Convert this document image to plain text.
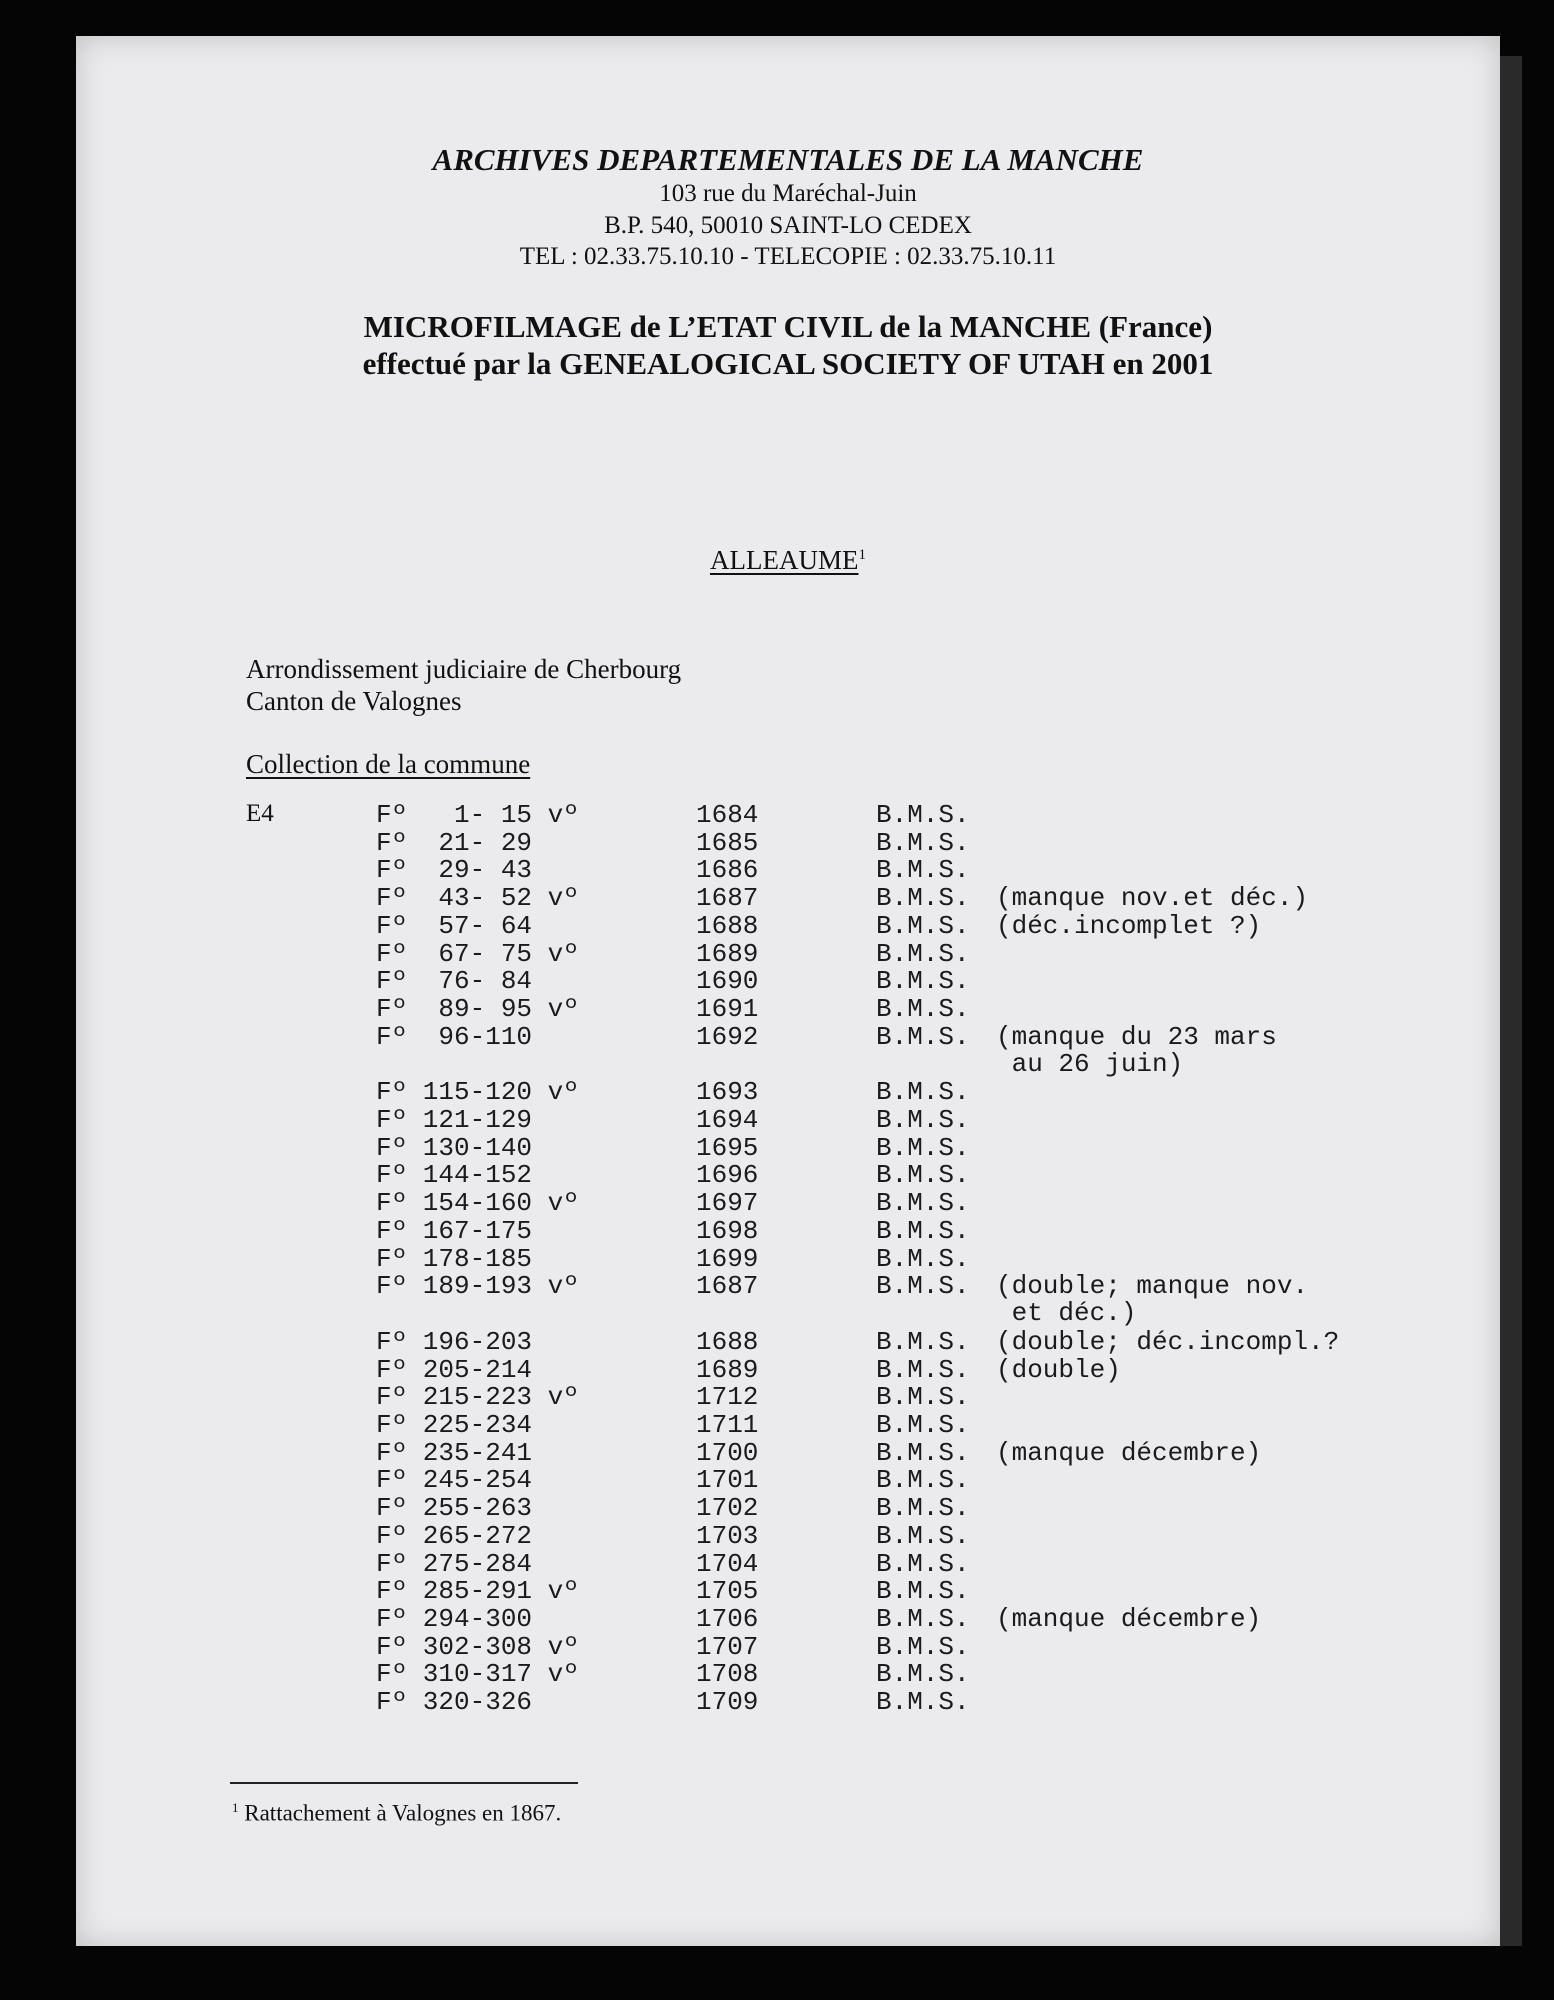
ARCHIVES DEPARTEMENTALES DE LA MANCHE
103 rue du Maréchal-Juin
B.P. 540, 50010 SAINT-LO CEDEX
TEL : 02.33.75.10.10 - TELECOPIE : 02.33.75.10.11
MICROFILMAGE de L’ETAT CIVIL de la MANCHE (France)
effectué par la GENEALOGICAL SOCIETY OF UTAH en 2001
ALLEAUME$^1$
Arrondissement judiciaire de Cherbourg
Canton de Valognes
Collection de la commune
E4	Fº   1- 15 vº	1684	B.M.S.
Fº  21- 29	1685	B.M.S.
Fº  29- 43	1686	B.M.S.
Fº  43- 52 vº	1687	B.M.S. (manque nov.et déc.)
Fº  57- 64	1688	B.M.S. (déc.incomplet ?)
Fº  67- 75 vº	1689	B.M.S.
Fº  76- 84	1690	B.M.S.
Fº  89- 95 vº	1691	B.M.S.
Fº  96-110	1692	B.M.S. (manque du 23 mars
au 26 juin)
Fº 115-120 vº	1693	B.M.S.
Fº 121-129	1694	B.M.S.
Fº 130-140	1695	B.M.S.
Fº 144-152	1696	B.M.S.
Fº 154-160 vº	1697	B.M.S.
Fº 167-175	1698	B.M.S.
Fº 178-185	1699	B.M.S.
Fº 189-193 vº	1687	B.M.S. (double; manque nov.
et déc.)
Fº 196-203	1688	B.M.S. (double; déc.incompl.?
Fº 205-214	1689	B.M.S. (double)
Fº 215-223 vº	1712	B.M.S.
Fº 225-234	1711	B.M.S.
Fº 235-241	1700	B.M.S. (manque décembre)
Fº 245-254	1701	B.M.S.
Fº 255-263	1702	B.M.S.
Fº 265-272	1703	B.M.S.
Fº 275-284	1704	B.M.S.
Fº 285-291 vº	1705	B.M.S.
Fº 294-300	1706	B.M.S. (manque décembre)
Fº 302-308 vº	1707	B.M.S.
Fº 310-317 vº	1708	B.M.S.
Fº 320-326	1709	B.M.S.
$^1$ Rattachement à Valognes en 1867.
